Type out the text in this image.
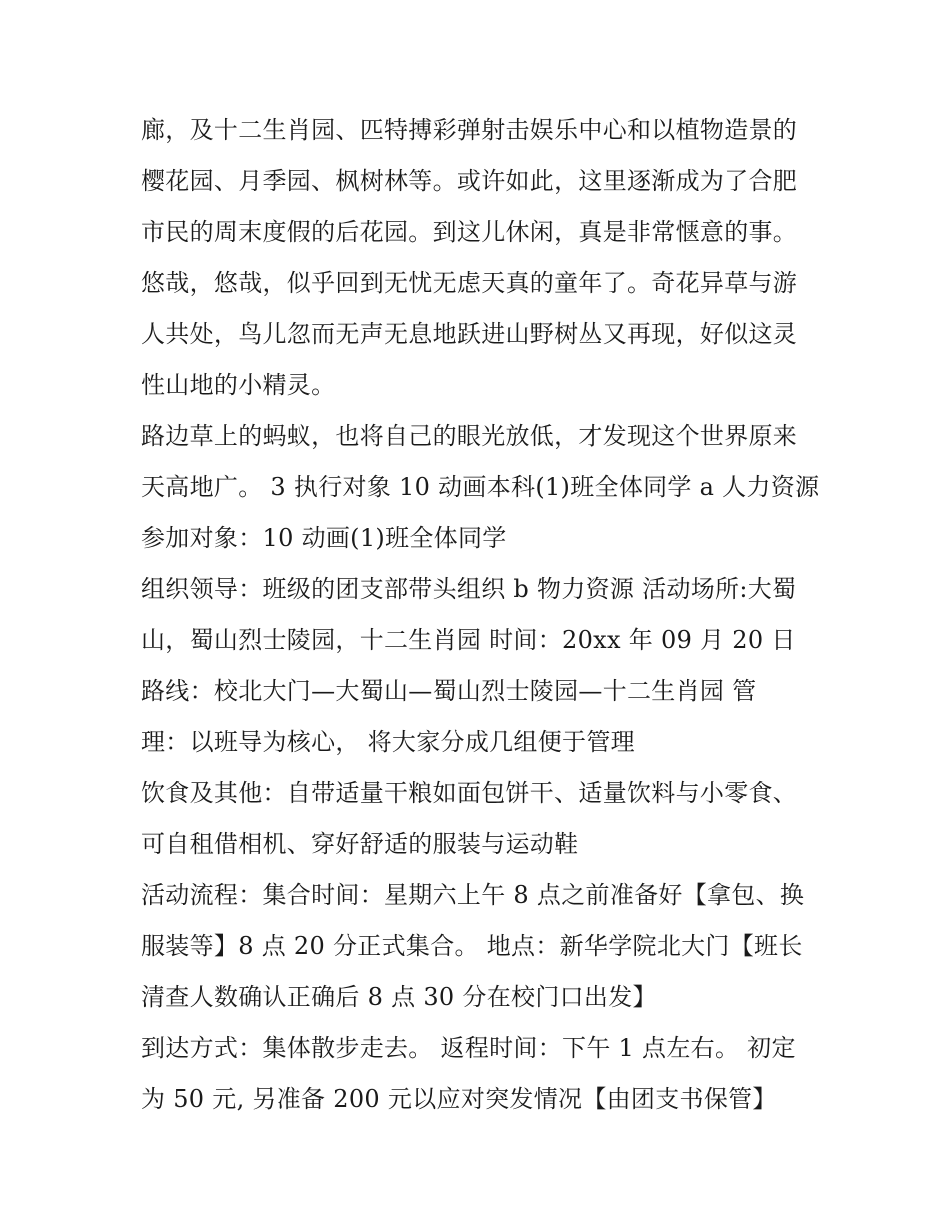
廊，及十二生肖园、匹特搏彩弹射击娱乐中心和以植物造景的
樱花园、月季园、枫树林等。或许如此，这里逐渐成为了合肥
市民的周末度假的后花园。到这儿休闲，真是非常惬意的事。
悠哉，悠哉，似乎回到无忧无虑天真的童年了。奇花异草与游
人共处，鸟儿忽而无声无息地跃进山野树丛又再现，好似这灵
性山地的小精灵。
路边草上的蚂蚁，也将自己的眼光放低，才发现这个世界原来
天高地广。 3 执行对象 10 动画本科(1)班全体同学 a 人力资源
参加对象：10 动画(1)班全体同学
组织领导：班级的团支部带头组织 b 物力资源 活动场所:大蜀
山，蜀山烈士陵园，十二生肖园 时间：20xx 年 09 月 20 日
路线：校北大门—大蜀山—蜀山烈士陵园—十二生肖园 管
理：以班导为核心， 将大家分成几组便于管理
饮食及其他：自带适量干粮如面包饼干、适量饮料与小零食、
可自租借相机、穿好舒适的服装与运动鞋
活动流程：集合时间：星期六上午 8 点之前准备好【拿包、换
服装等】8 点 20 分正式集合。 地点：新华学院北大门【班长
清查人数确认正确后 8 点 30 分在校门口出发】
到达方式：集体散步走去。 返程时间：下午 1 点左右。 初定
为 50 元, 另准备 200 元以应对突发情况【由团支书保管】
